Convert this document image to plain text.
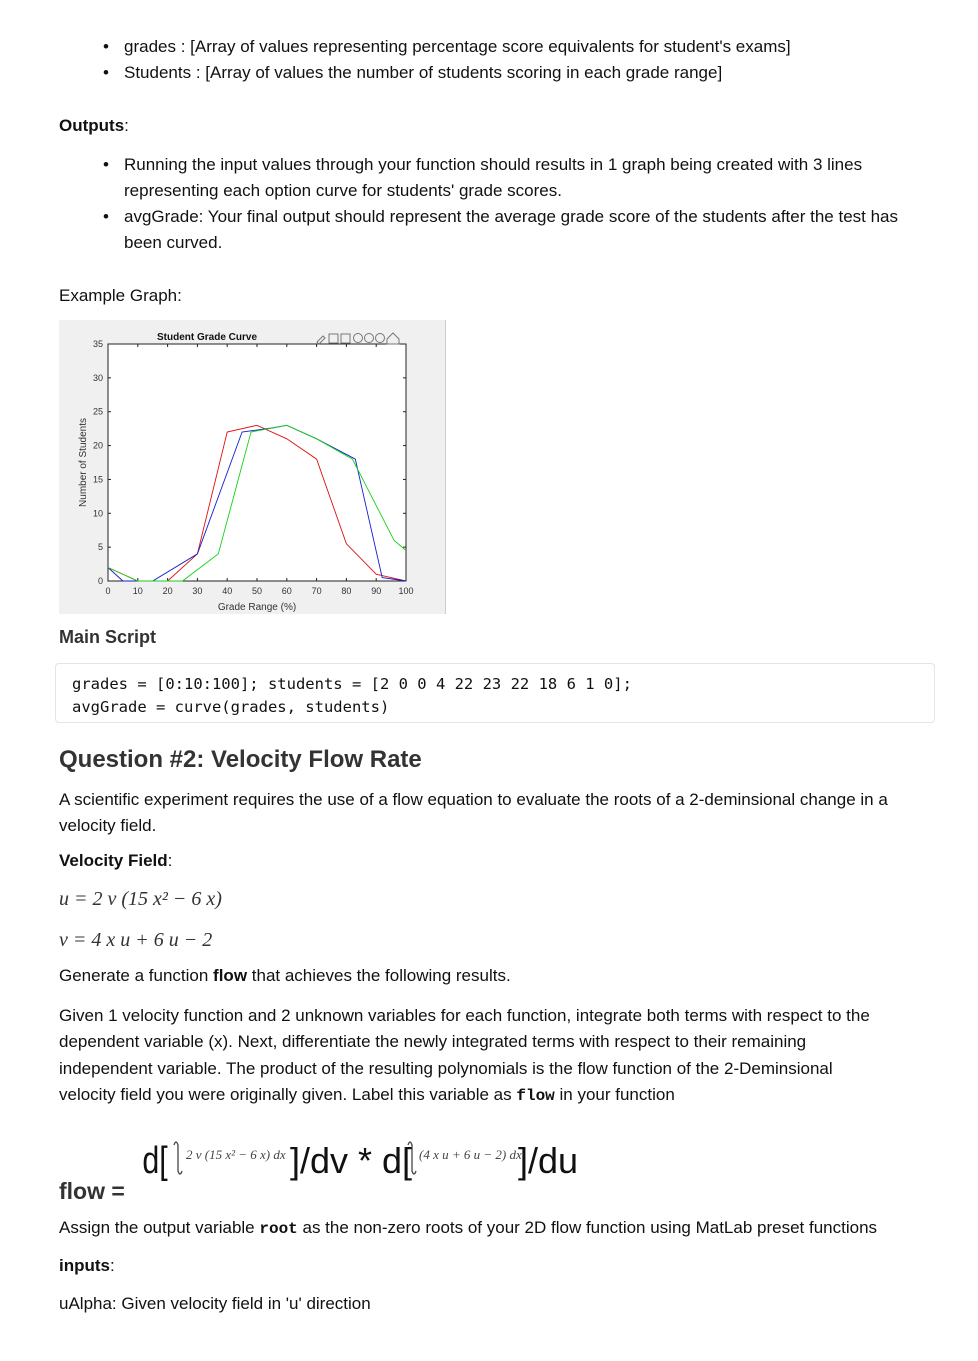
• grades : [Array of values representing percentage score equivalents for student's exams]
• Students : [Array of values the number of students scoring in each grade range]
Outputs:
• Running the input values through your function should results in 1 graph being created with 3 lines
representing each option curve for students' grade scores.
• avgGrade: Your final output should represent the average grade score of the students after the test has
been curved.
Example Graph:
0 10 20 30 40 50 60 70 80 90 100
0
5
10
15
20
25
30
35
Student Grade Curve
Grade Range (%)
Number of Students
Main Script
grades = [0:10:100]; students = [2 0 0 4 22 23 22 18 6 1 0];
avgGrade = curve(grades, students)
Question #2: Velocity Flow Rate
A scientific experiment requires the use of a flow equation to evaluate the roots of a 2-deminsional change in a
velocity field.
Velocity Field:
u = 2 v (15 x² − 6 x)
v = 4 x u + 6 u − 2
Generate a function flow that achieves the following results.
Given 1 velocity function and 2 unknown variables for each function, integrate both terms with respect to the
dependent variable (x). Next, differentiate the newly integrated terms with respect to their remaining
independent variable. The product of the resulting polynomials is the flow function of the 2-Deminsional
velocity field you were originally given. Label this variable as flow in your function
d[ 2 v (15 x² − 6 x) dx ]/dv * d[ (4 x u + 6 u − 2) dx
]/du
flow =
Assign the output variable root as the non-zero roots of your 2D flow function using MatLab preset functions
inputs:
uAlpha: Given velocity field in 'u' direction
